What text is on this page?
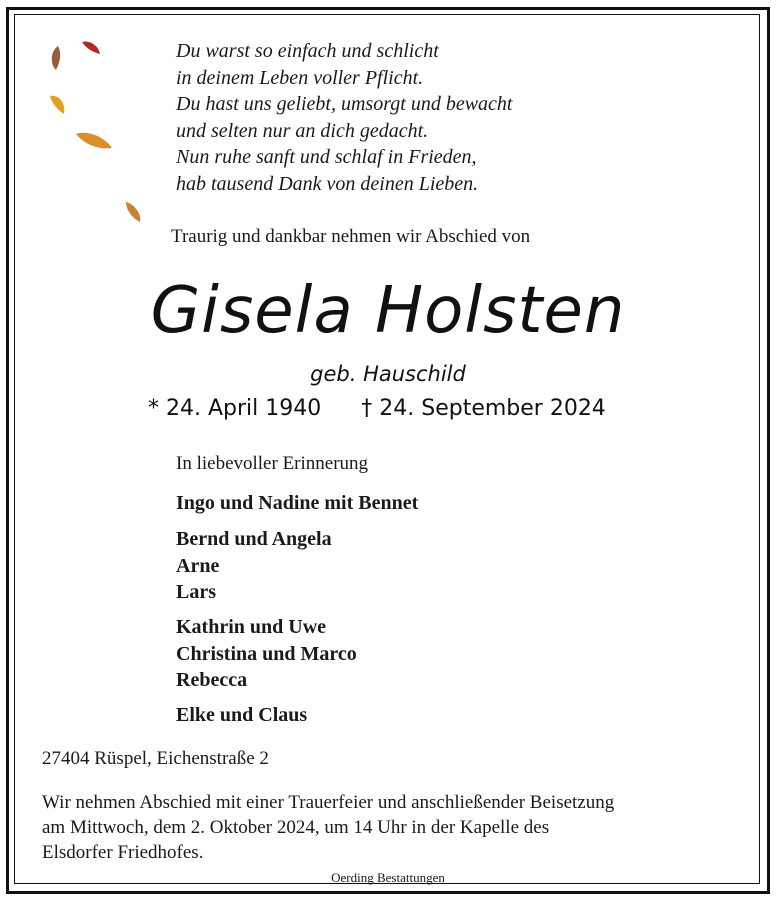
Du warst so einfach und schlicht
in deinem Leben voller Pflicht.
Du hast uns geliebt, umsorgt und bewacht
und selten nur an dich gedacht.
Nun ruhe sanft und schlaf in Frieden,
hab tausend Dank von deinen Lieben.
Traurig und dankbar nehmen wir Abschied von
Gisela Holsten
geb. Hauschild
* 24. April 1940 † 24. September 2024
In liebevoller Erinnerung
Ingo und Nadine mit Bennet
Bernd und Angela
Arne
Lars
Kathrin und Uwe
Christina und Marco
Rebecca
Elke und Claus
27404 Rüspel, Eichenstraße 2
Wir nehmen Abschied mit einer Trauerfeier und anschließender Beisetzung
am Mittwoch, dem 2. Oktober 2024, um 14 Uhr in der Kapelle des
Elsdorfer Friedhofes.
Oerding Bestattungen
